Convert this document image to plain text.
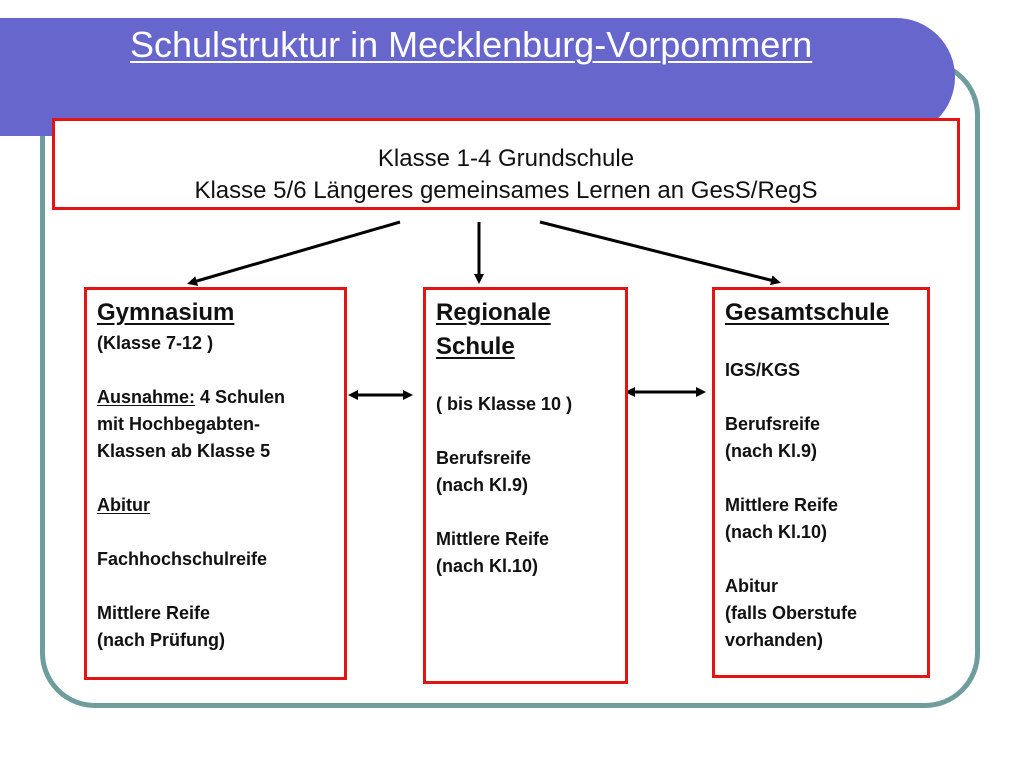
Schulstruktur in Mecklenburg-Vorpommern
Klasse 1-4 Grundschule
Klasse 5/6 Längeres gemeinsames Lernen an GesS/RegS
Gymnasium
(Klasse 7-12 )
Ausnahme: 4 Schulen
mit Hochbegabten-
Klassen ab Klasse 5
Abitur
Fachhochschulreife
Mittlere Reife
(nach Prüfung)
Regionale
Schule
( bis Klasse 10 )
Berufsreife
(nach Kl.9)
Mittlere Reife
(nach Kl.10)
Gesamtschule
IGS/KGS
Berufsreife
(nach Kl.9)
Mittlere Reife
(nach Kl.10)
Abitur
(falls Oberstufe
vorhanden)
